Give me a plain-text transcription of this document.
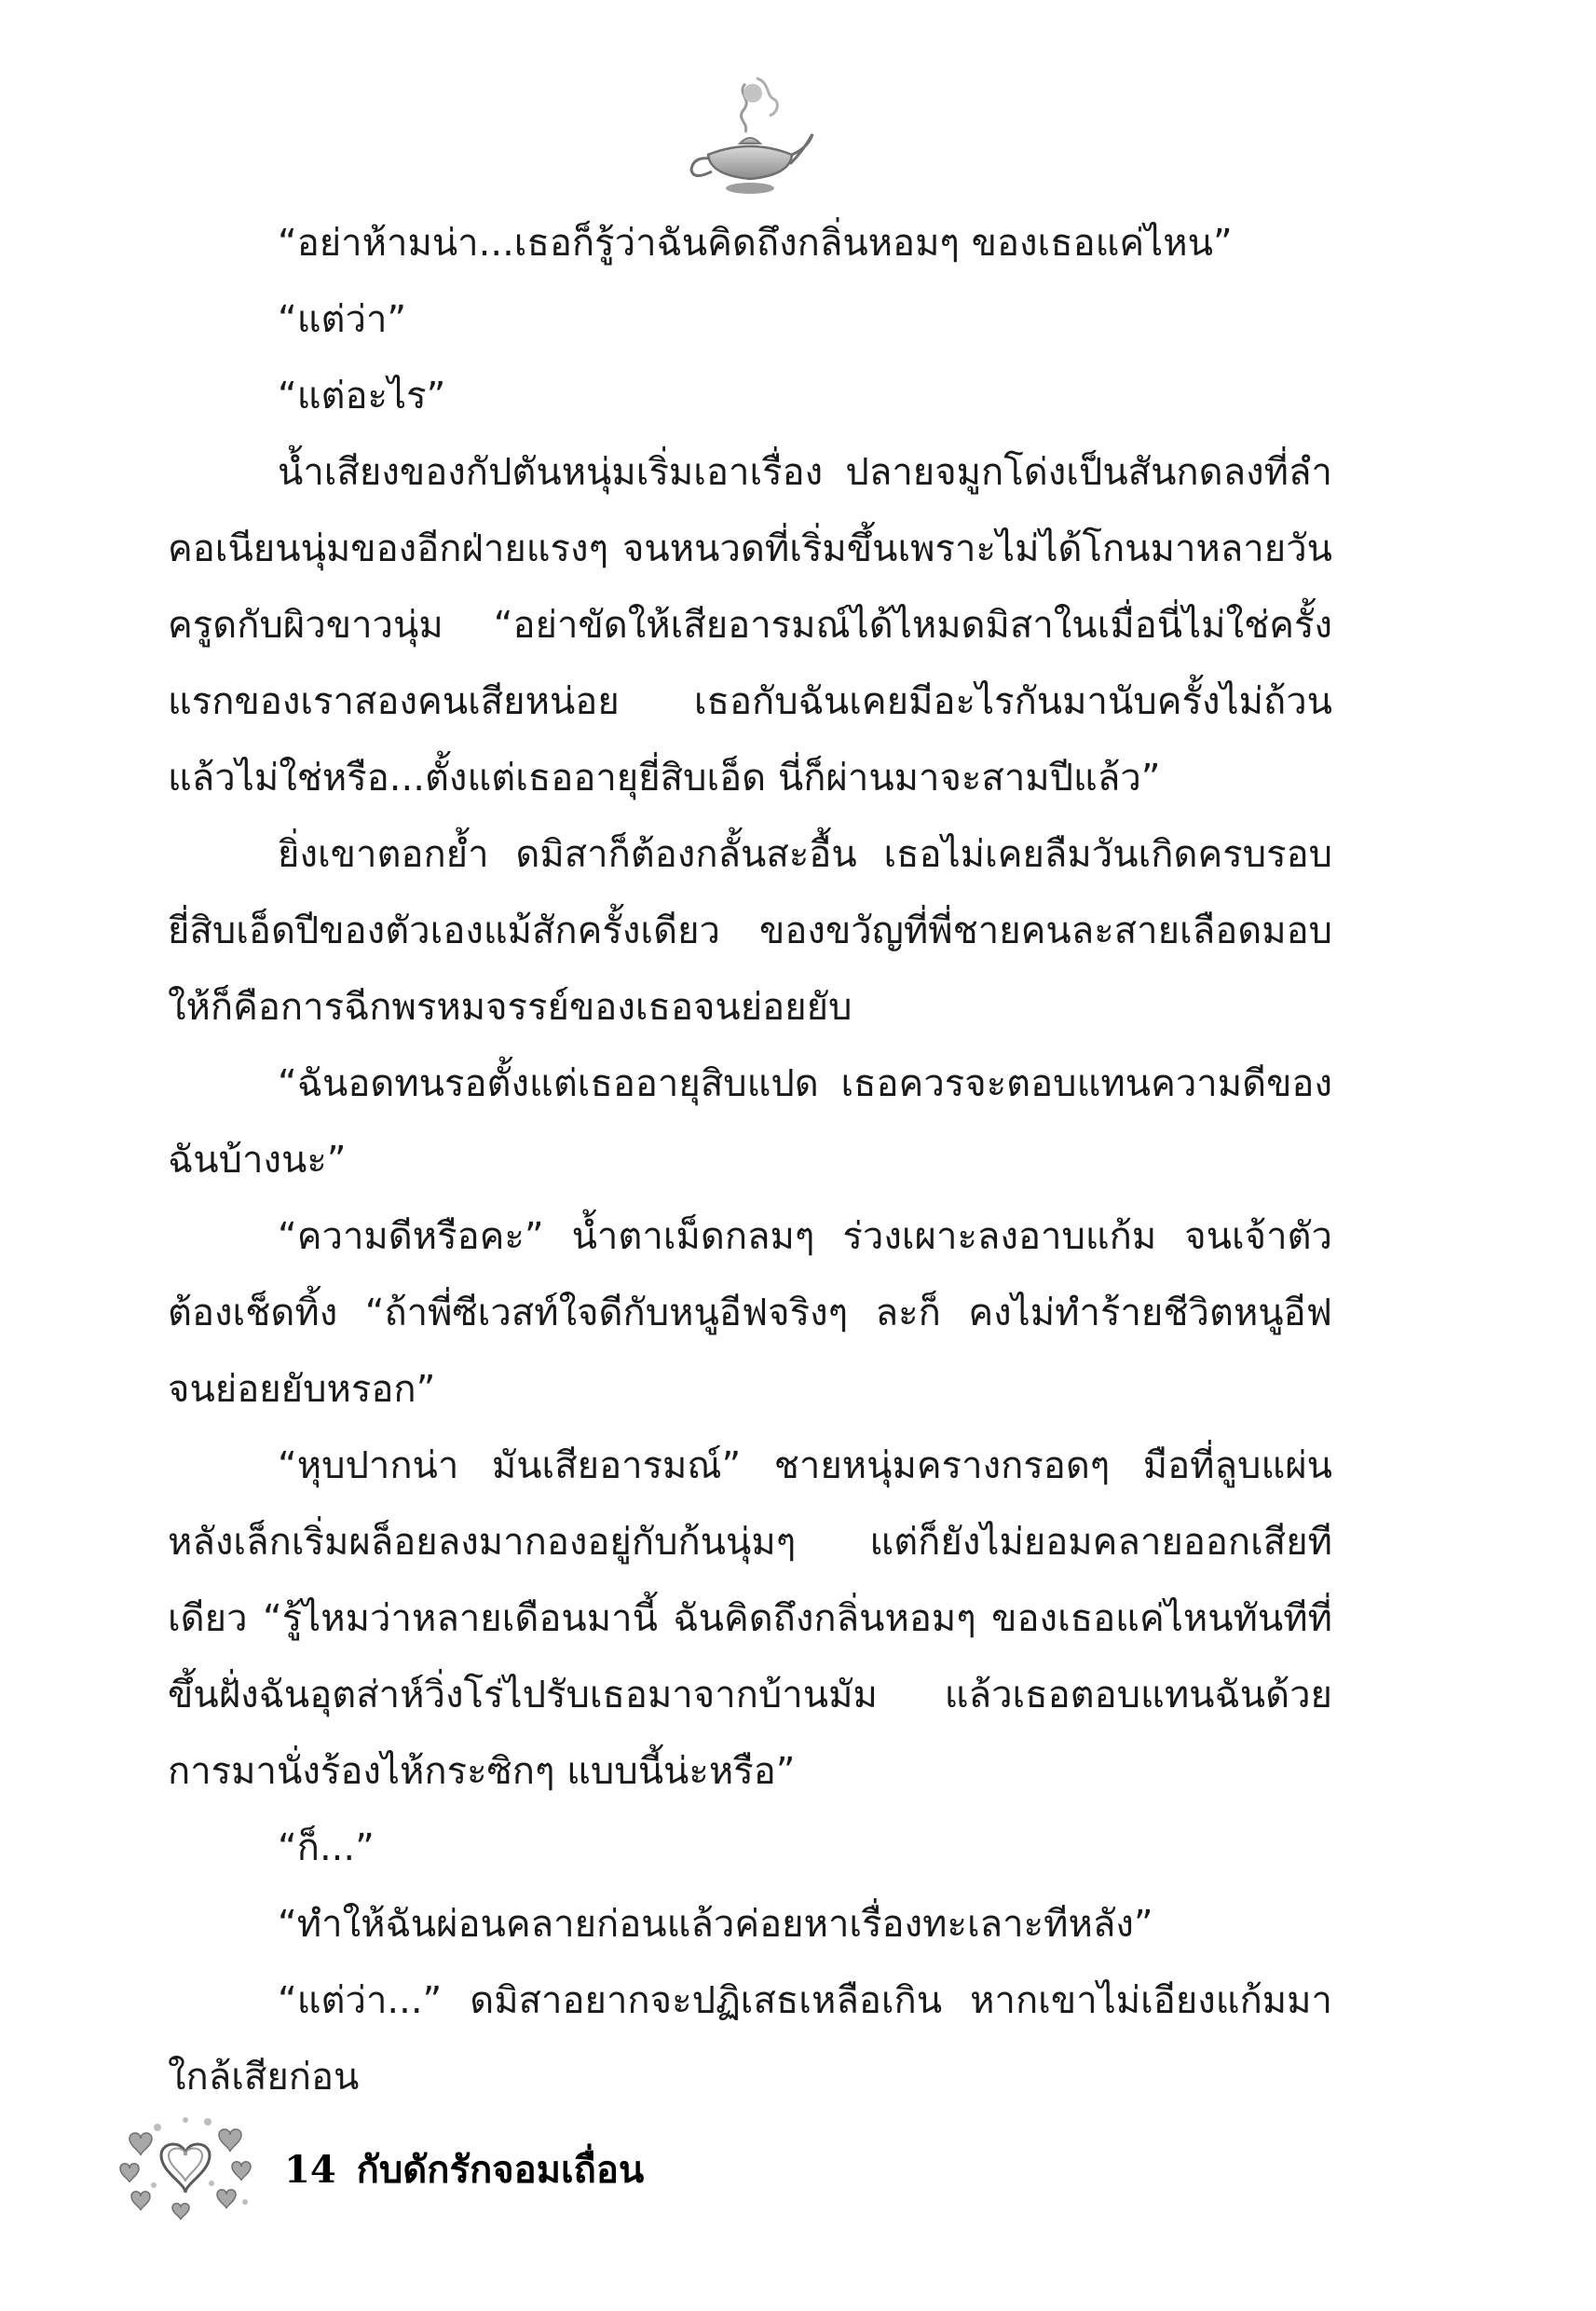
“อย่าห้ามน่า...เธอก็รู้ว่าฉันคิดถึงกลิ่นหอมๆ ของเธอแค่ไหน”

“แต่ว่า”

“แต่อะไร”

น้ำเสียงของกัปตันหนุ่มเริ่มเอาเรื่อง ปลายจมูกโด่งเป็นสันกดลงที่ลำคอเนียนนุ่มของอีกฝ่ายแรงๆ จนหนวดที่เริ่มขึ้นเพราะไม่ได้โกนมาหลายวันครูดกับผิวขาวนุ่ม “อย่าขัดให้เสียอารมณ์ได้ไหมดมิสาในเมื่อนี่ไม่ใช่ครั้งแรกของเราสองคนเสียหน่อย เธอกับฉันเคยมีอะไรกันมานับครั้งไม่ถ้วนแล้วไม่ใช่หรือ...ตั้งแต่เธออายุยี่สิบเอ็ด นี่ก็ผ่านมาจะสามปีแล้ว”

ยิ่งเขาตอกย้ำ ดมิสาก็ต้องกลั้นสะอื้น เธอไม่เคยลืมวันเกิดครบรอบยี่สิบเอ็ดปีของตัวเองแม้สักครั้งเดียว ของขวัญที่พี่ชายคนละสายเลือดมอบให้ก็คือการฉีกพรหมจรรย์ของเธอจนย่อยยับ

“ฉันอดทนรอตั้งแต่เธออายุสิบแปด เธอควรจะตอบแทนความดีของฉันบ้างนะ”

“ความดีหรือคะ” น้ำตาเม็ดกลมๆ ร่วงเผาะลงอาบแก้ม จนเจ้าตัวต้องเช็ดทิ้ง “ถ้าพี่ซีเวสท์ใจดีกับหนูอีฟจริงๆ ละก็ คงไม่ทำร้ายชีวิตหนูอีฟจนย่อยยับหรอก”

“หุบปากน่า มันเสียอารมณ์” ชายหนุ่มครางกรอดๆ มือที่ลูบแผ่นหลังเล็กเริ่มผล็อยลงมากองอยู่กับก้นนุ่มๆ แต่ก็ยังไม่ยอมคลายออกเสียทีเดียว “รู้ไหมว่าหลายเดือนมานี้ ฉันคิดถึงกลิ่นหอมๆ ของเธอแค่ไหนทันทีที่ขึ้นฝั่งฉันอุตส่าห์วิ่งโร่ไปรับเธอมาจากบ้านมัม แล้วเธอตอบแทนฉันด้วยการมานั่งร้องไห้กระซิกๆ แบบนี้น่ะหรือ”

“ก็...”

“ทำให้ฉันผ่อนคลายก่อนแล้วค่อยหาเรื่องทะเลาะทีหลัง”

“แต่ว่า...” ดมิสาอยากจะปฏิเสธเหลือเกิน หากเขาไม่เอียงแก้มมาใกล้เสียก่อน

14 กับดักรักจอมเถื่อน
